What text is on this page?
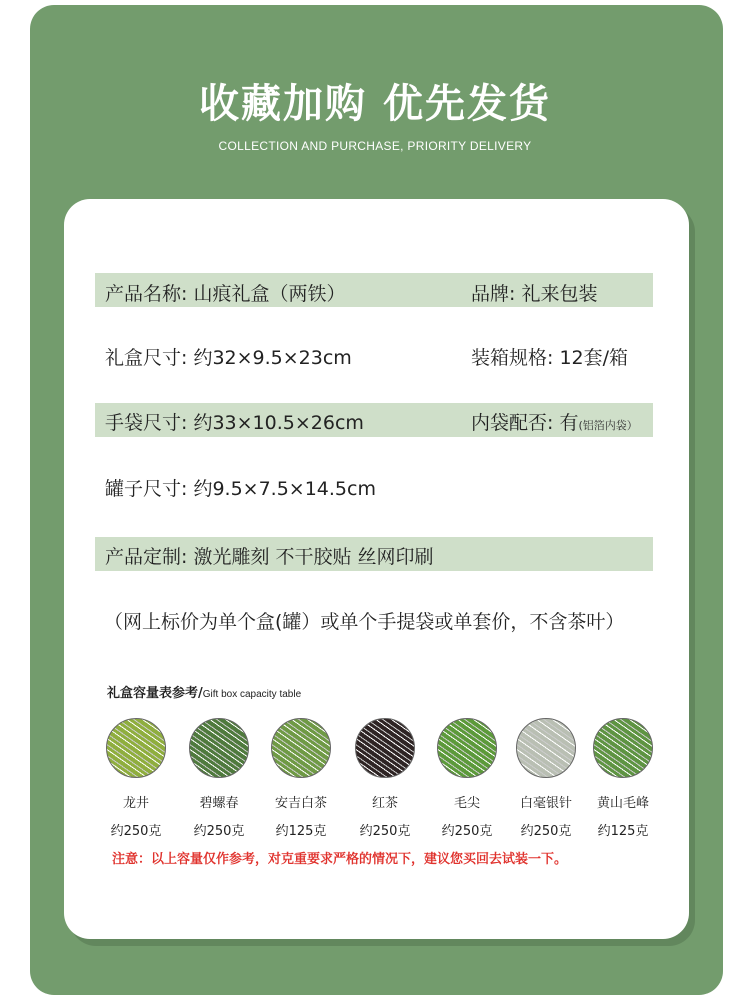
收藏加购 优先发货
COLLECTION AND PURCHASE, PRIORITY DELIVERY
产品名称: 山痕礼盒（两铁）	品牌: 礼来包装
礼盒尺寸: 约32×9.5×23cm	装箱规格: 12套/箱
手袋尺寸: 约33×10.5×26cm	内袋配否: 有(铝箔内袋）
罐子尺寸: 约9.5×7.5×14.5cm
产品定制: 激光雕刻 不干胶贴 丝网印刷
（网上标价为单个盒(罐）或单个手提袋或单套价，不含茶叶）
礼盒容量表参考/Gift box capacity table
龙井
约250克
碧螺春
约250克
安吉白茶
约125克
红茶
约250克
毛尖
约250克
白毫银针
约250克
黄山毛峰
约125克
注意：以上容量仅作参考，对克重要求严格的情况下，建议您买回去试装一下。
